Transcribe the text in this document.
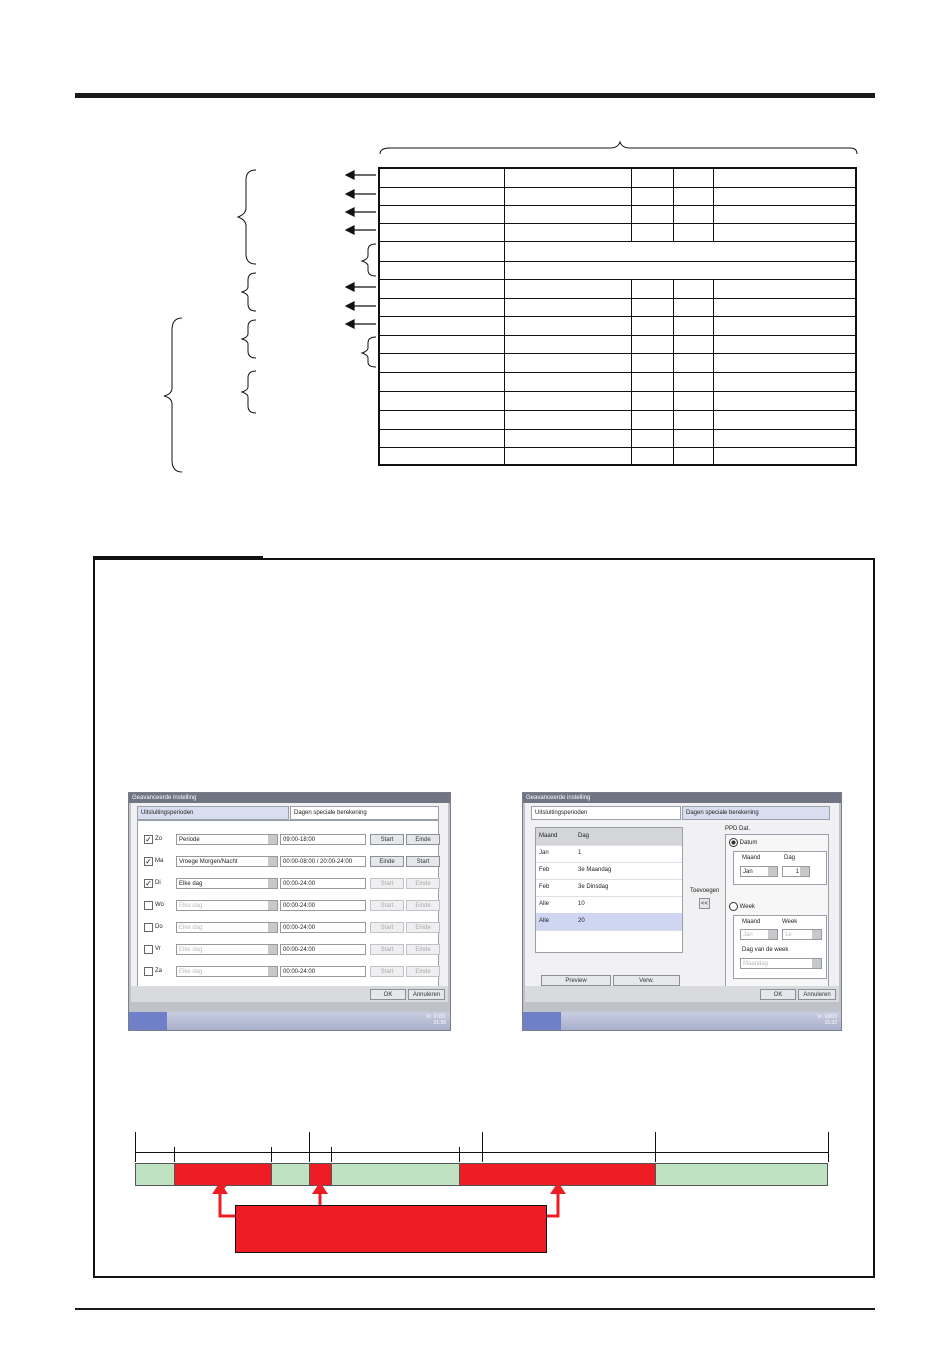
Geavanceerde instelling
Uitsluitingsperioden	Dagen speciale berekening
✓ Zo	Periode	09:00-18:00	Start	Einde
✓ Ma	Vroege Morgen/Nacht	00:00-08:00 / 20:00-24:00	Einde	Start
✓ Di	Elke dag	00:00-24:00	Start	Einde
Wo	Elke dag	00:00-24:00	Start	Einde
Do	Elke dag	00:00-24:00	Start	Einde
Vr	Elke dag	00:00-24:00	Start	Einde
Za	Elke dag	00:00-24:00	Start	Einde
OK	Annuleren
Vr. 27/01
21:36
Geavanceerde instelling
Uitsluitingsperioden	Dagen speciale berekening
Maand	Dag
Jan	1
Feb	3e Maandag
Feb	3e Dinsdag
Alle	10
Alle	20
Toevoegen
<<
PPD Dat.
Datum
Maand	Dag
Jan	1
Week
Maand	Week
Jan	1e
Dag van de week
Maandag
Preview	Verw.
OK	Annuleren
Vr. 10/03
15:32
